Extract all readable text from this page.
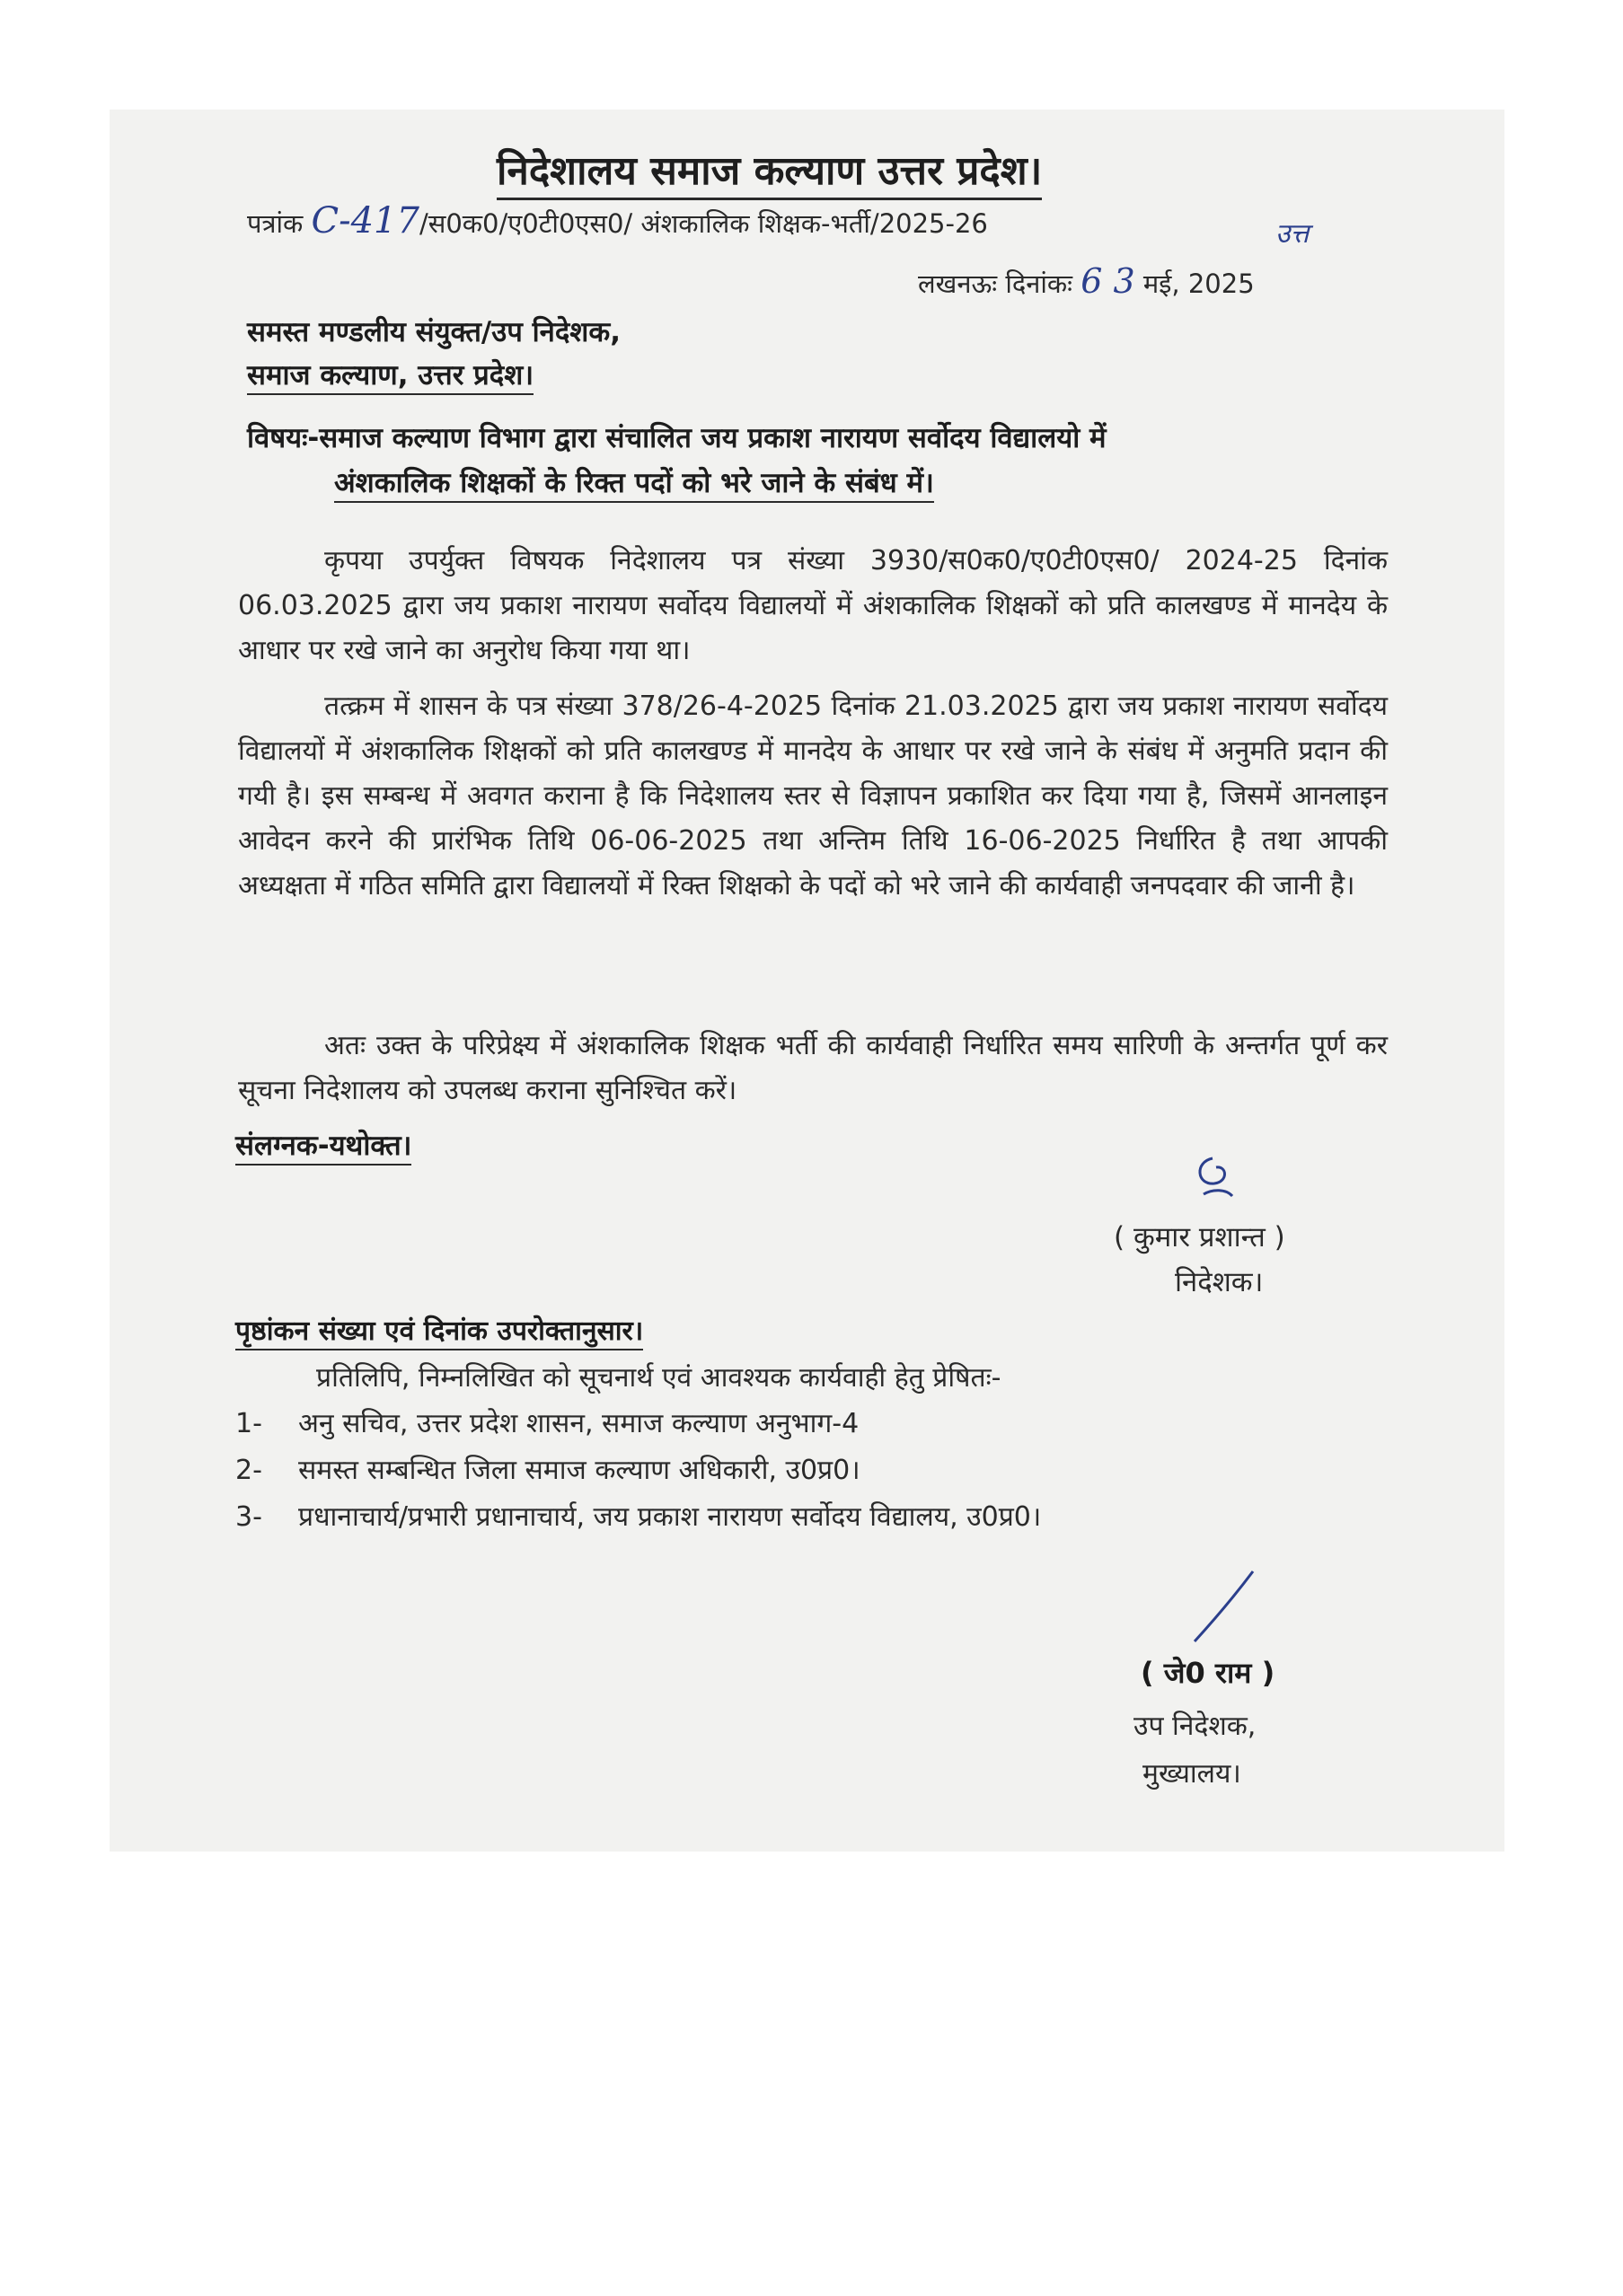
निदेशालय समाज कल्याण उत्तर प्रदेश।
पत्रांक C-417/स0क0/ए0टी0एस0/ अंशकालिक शिक्षक-भर्ती/2025-26	उत्त
लखनऊः दिनांकः 6 3 मई, 2025
समस्त मण्डलीय संयुक्त/उप निदेशक,
समाज कल्याण, उत्तर प्रदेश।
विषयः-समाज कल्याण विभाग द्वारा संचालित जय प्रकाश नारायण सर्वोदय विद्यालयो में
अंशकालिक शिक्षकों के रिक्त पदों को भरे जाने के संबंध में।
कृपया उपर्युक्त विषयक निदेशालय पत्र संख्या 3930/स0क0/ए0टी0एस0/ 2024-25 दिनांक 06.03.2025 द्वारा जय प्रकाश नारायण सर्वोदय विद्यालयों में अंशकालिक शिक्षकों को प्रति कालखण्ड में मानदेय के आधार पर रखे जाने का अनुरोध किया गया था।
तत्क्रम में शासन के पत्र संख्या 378/26-4-2025 दिनांक 21.03.2025 द्वारा जय प्रकाश नारायण सर्वोदय विद्यालयों में अंशकालिक शिक्षकों को प्रति कालखण्ड में मानदेय के आधार पर रखे जाने के संबंध में अनुमति प्रदान की गयी है। इस सम्बन्ध में अवगत कराना है कि निदेशालय स्तर से विज्ञापन प्रकाशित कर दिया गया है, जिसमें आनलाइन आवेदन करने की प्रारंभिक तिथि 06-06-2025 तथा अन्तिम तिथि 16-06-2025 निर्धारित है तथा आपकी अध्यक्षता में गठित समिति द्वारा विद्यालयों में रिक्त शिक्षको के पदों को भरे जाने की कार्यवाही जनपदवार की जानी है।
अतः उक्त के परिप्रेक्ष्य में अंशकालिक शिक्षक भर्ती की कार्यवाही निर्धारित समय सारिणी के अन्तर्गत पूर्ण कर सूचना निदेशालय को उपलब्ध कराना सुनिश्चित करें।
संलग्नक-यथोक्त।
( कुमार प्रशान्त )
निदेशक।
पृष्ठांकन संख्या एवं दिनांक उपरोक्तानुसार।
प्रतिलिपि, निम्नलिखित को सूचनार्थ एवं आवश्यक कार्यवाही हेतु प्रेषितः-
1- अनु सचिव, उत्तर प्रदेश शासन, समाज कल्याण अनुभाग-4
2- समस्त सम्बन्धित जिला समाज कल्याण अधिकारी, उ0प्र0।
3- प्रधानाचार्य/प्रभारी प्रधानाचार्य, जय प्रकाश नारायण सर्वोदय विद्यालय, उ0प्र0।
( जे0 राम )
उप निदेशक,
मुख्यालय।
